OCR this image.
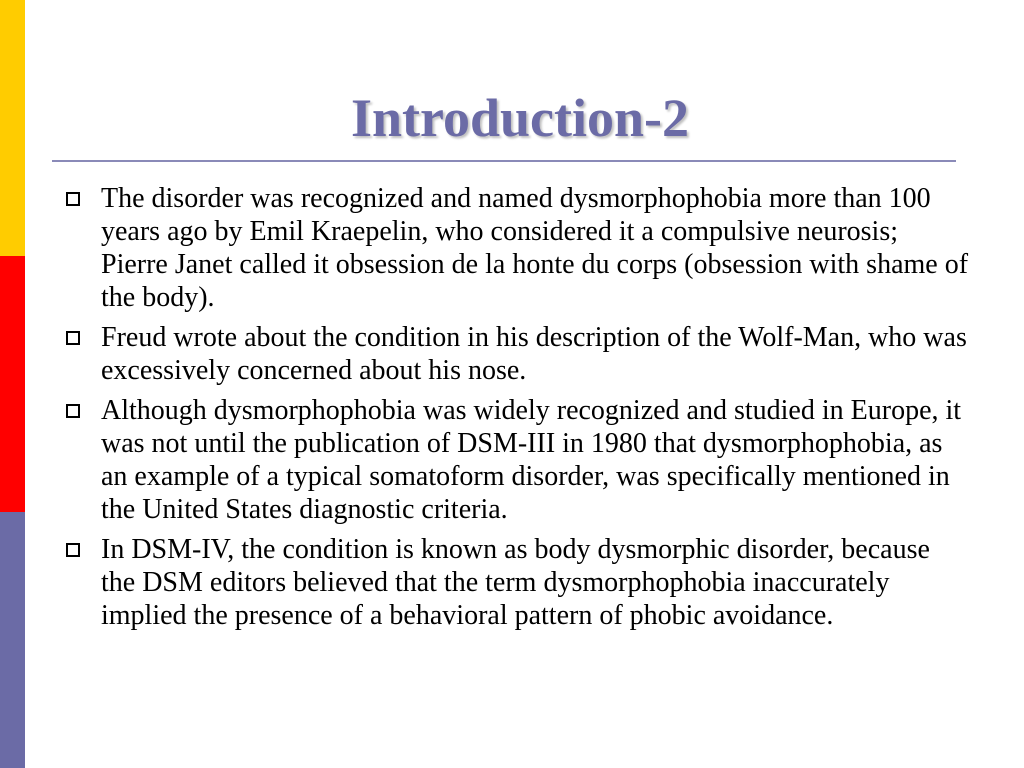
Introduction-2
The disorder was recognized and named dysmorphophobia more than 100 years ago by Emil Kraepelin, who considered it a compulsive neurosis; Pierre Janet called it obsession de la honte du corps (obsession with shame of the body).
Freud wrote about the condition in his description of the Wolf-Man, who was excessively concerned about his nose.
Although dysmorphophobia was widely recognized and studied in Europe, it was not until the publication of DSM-III in 1980 that dysmorphophobia, as an example of a typical somatoform disorder, was specifically mentioned in the United States diagnostic criteria.
In DSM-IV, the condition is known as body dysmorphic disorder, because the DSM editors believed that the term dysmorphophobia inaccurately implied the presence of a behavioral pattern of phobic avoidance.
